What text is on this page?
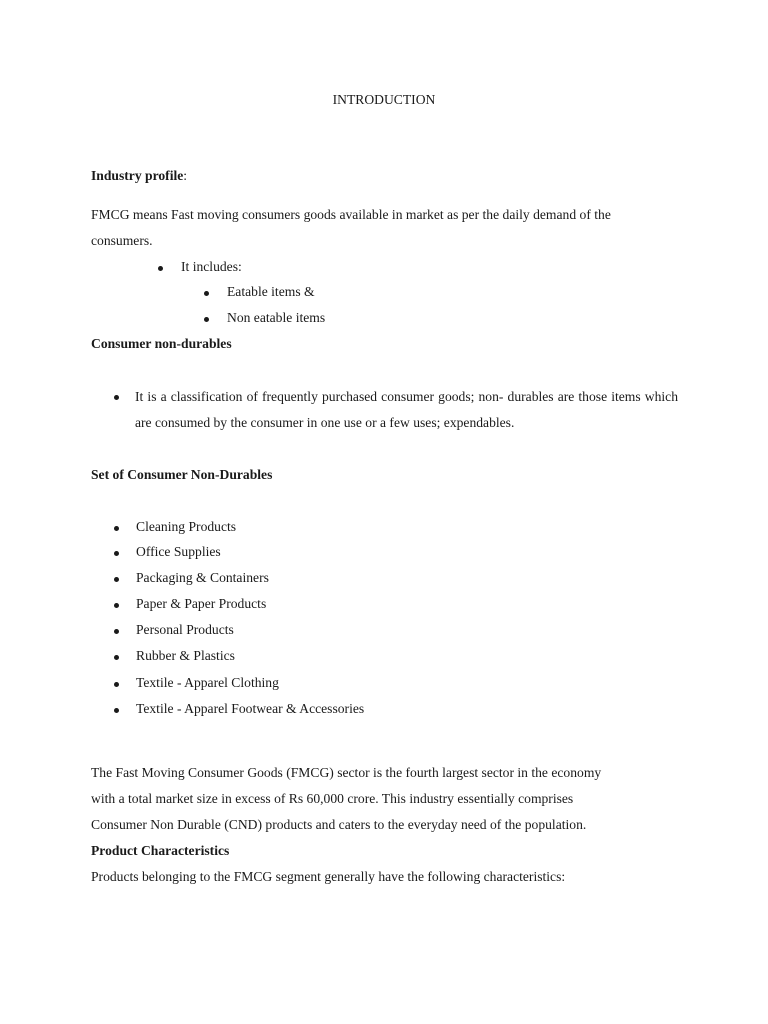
INTRODUCTION
Industry profile:
FMCG means Fast moving consumers goods available in market as per the daily demand of the
consumers.
It includes:
Eatable items &
Non eatable items
Consumer non-durables
It is a classification of frequently purchased consumer goods; non- durables are those items which are consumed by the consumer in one use or a few uses; expendables.
Set of Consumer Non-Durables
Cleaning Products
Office Supplies
Packaging & Containers
Paper & Paper Products
Personal Products
Rubber & Plastics
Textile - Apparel Clothing
Textile - Apparel Footwear & Accessories
The Fast Moving Consumer Goods (FMCG) sector is the fourth largest sector in the economy
with a total market size in excess of Rs 60,000 crore. This industry essentially comprises
Consumer Non Durable (CND) products and caters to the everyday need of the population.
Product Characteristics
Products belonging to the FMCG segment generally have the following characteristics:
